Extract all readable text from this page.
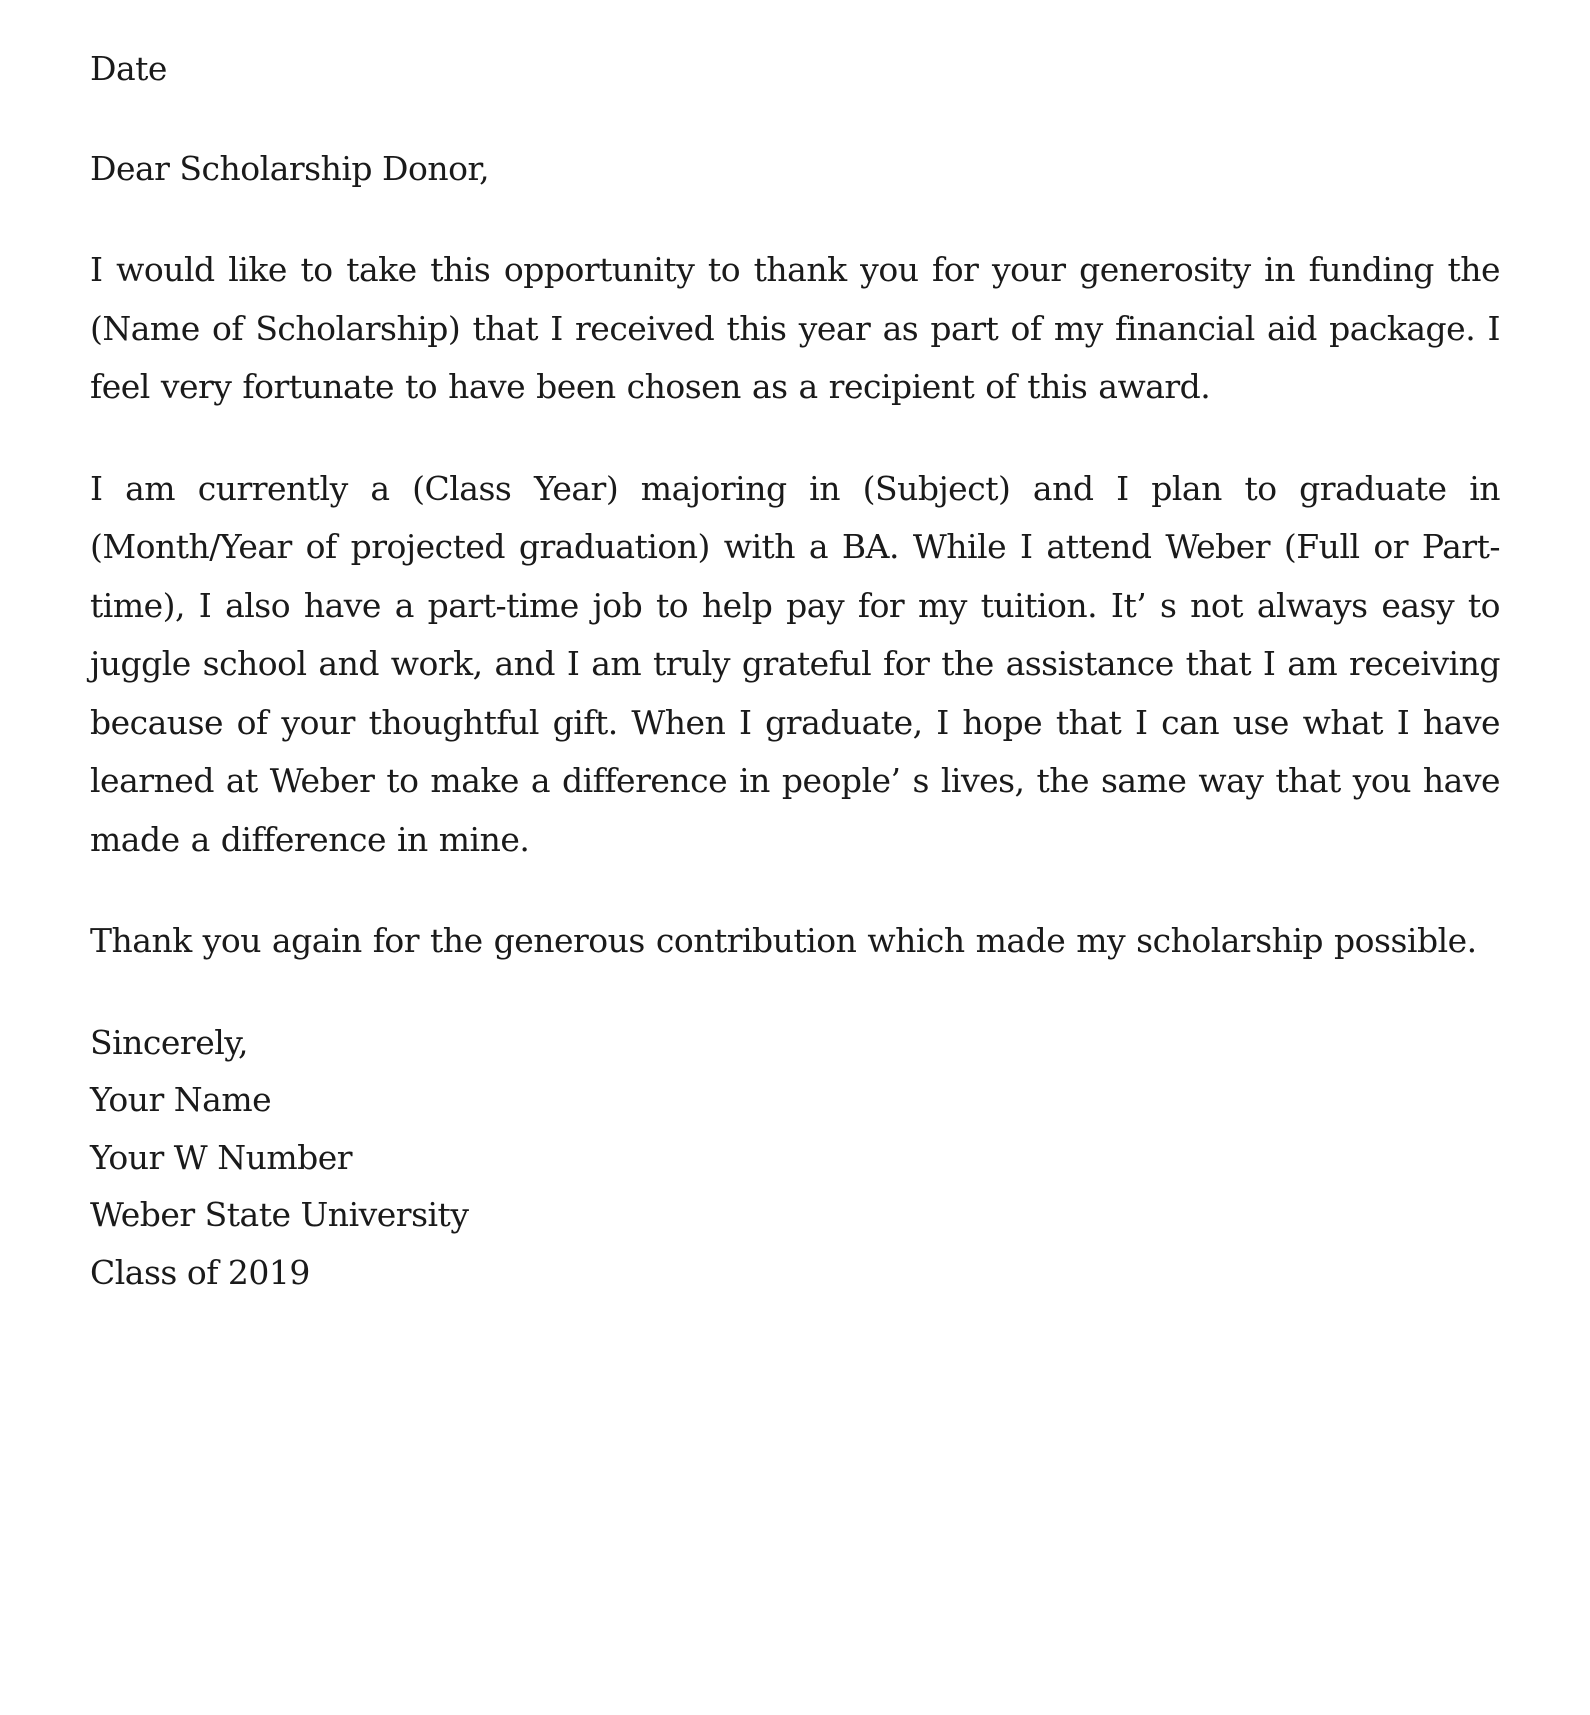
Date

Dear Scholarship Donor,

I would like to take this opportunity to thank you for your generosity in funding the (Name of Scholarship) that I received this year as part of my financial aid package. I feel very fortunate to have been chosen as a recipient of this award.

I am currently a (Class Year) majoring in (Subject) and I plan to graduate in (Month/Year of projected graduation) with a BA. While I attend Weber (Full or Part-time), I also have a part-time job to help pay for my tuition. It’ s not always easy to juggle school and work, and I am truly grateful for the assistance that I am receiving because of your thoughtful gift. When I graduate, I hope that I can use what I have learned at Weber to make a difference in people’ s lives, the same way that you have made a difference in mine.

Thank you again for the generous contribution which made my scholarship possible.

Sincerely,

Your Name

Your W Number

Weber State University

Class of 2019
